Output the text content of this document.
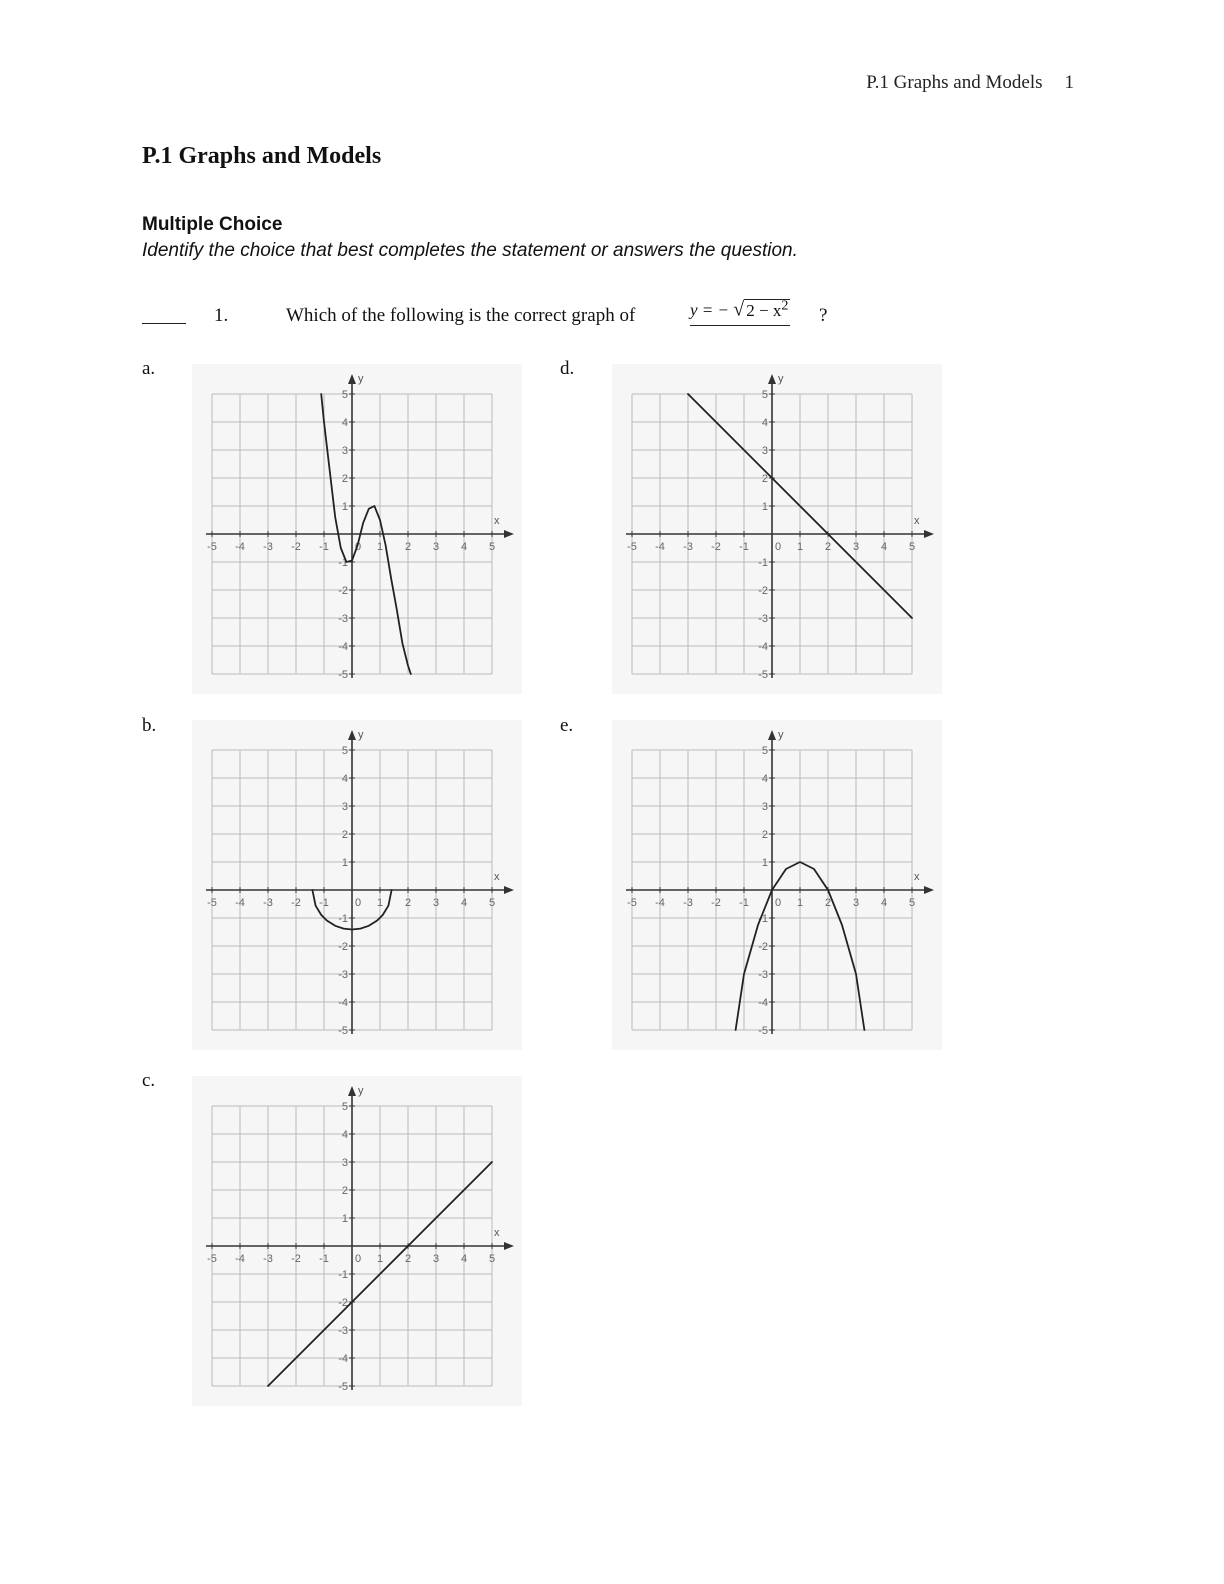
P.1 Graphs and Models 1
P.1 Graphs and Models
Multiple Choice
Identify the choice that best completes the statement or answers the question.
1.	Which of the following is the correct graph of	y = − √ $2 - x^2$ ?
a.
b.
c.
d.
e.
x
y
-5 -4 -3 -2 -1	1 2 3 4 5
-5
-4
-3
-2
-1
1
2
3
4
5
0
x
y
-5 -4 -3 -2 -1	1 2 3 4 5
-5
-4
-3
-2
-1
1
2
3
4
5
0
x
y
-5 -4 -3 -2 -1	1 2 3 4 5
-5
-4
-3
-2
-1
1
2
3
4
5
0
x
y
-5 -4 -3 -2 -1	1 2 3 4 5
-5
-4
-3
-2
-1
1
2
3
4
5
0
x
y
-5 -4 -3 -2 -1	1 2 3 4 5
-5
-4
-3
-2
-1
1
2
3
4
5
0
